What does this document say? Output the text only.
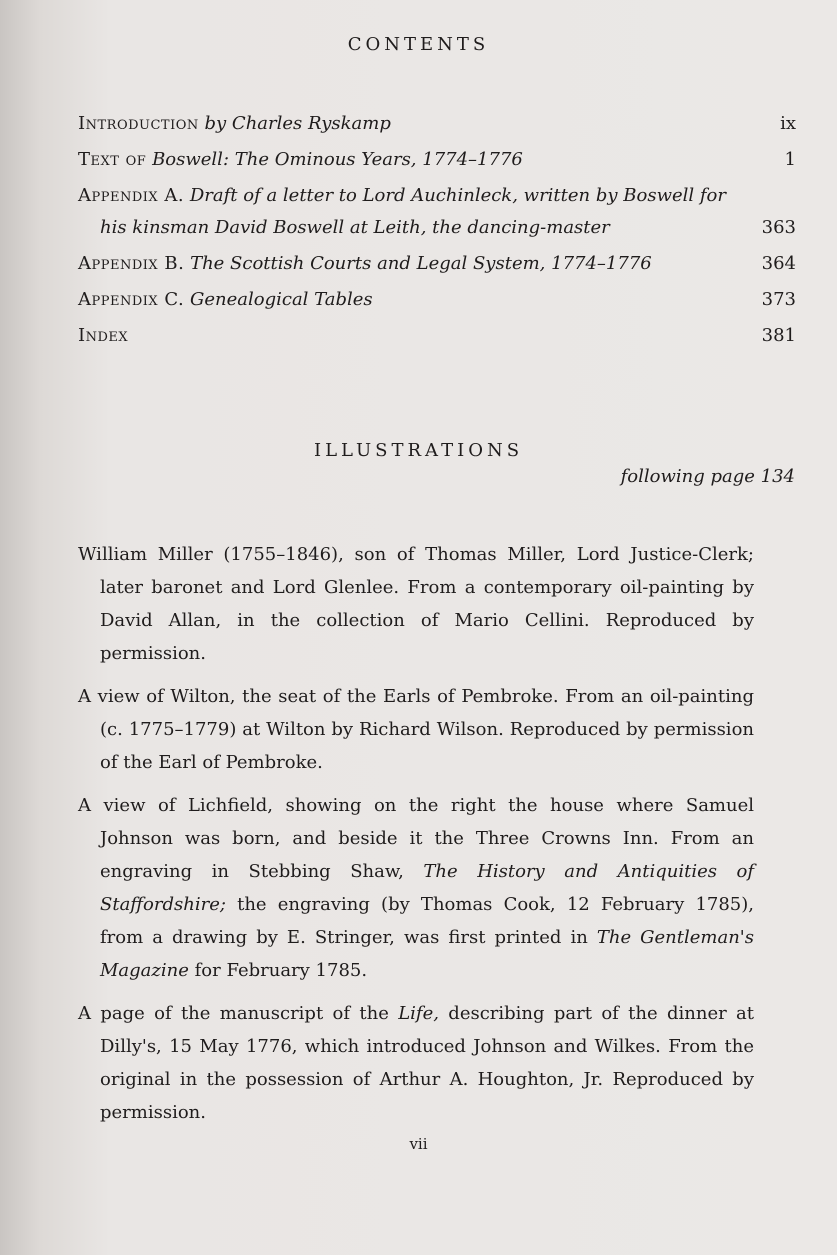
CONTENTS
Introduction by Charles Ryskamp	ix
Text of Boswell: The Ominous Years, 1774–1776	1
Appendix A. Draft of a letter to Lord Auchinleck, written by Boswell for
his kinsman David Boswell at Leith, the dancing-master	363
Appendix B. The Scottish Courts and Legal System, 1774–1776	364
Appendix C. Genealogical Tables	373
Index	381
ILLUSTRATIONS
following page 134
William Miller (1755–1846), son of Thomas Miller, Lord Justice-Clerk; later baronet and Lord Glenlee. From a contemporary oil-painting by David Allan, in the collection of Mario Cellini. Reproduced by permission.
A view of Wilton, the seat of the Earls of Pembroke. From an oil-painting (c. 1775–1779) at Wilton by Richard Wilson. Reproduced by permission of the Earl of Pembroke.
A view of Lichfield, showing on the right the house where Samuel Johnson was born, and beside it the Three Crowns Inn. From an engraving in Stebbing Shaw, The History and Antiquities of Staffordshire; the engraving (by Thomas Cook, 12 February 1785), from a drawing by E. Stringer, was first printed in The Gentleman's Magazine for February 1785.
A page of the manuscript of the Life, describing part of the dinner at Dilly's, 15 May 1776, which introduced Johnson and Wilkes. From the original in the possession of Arthur A. Houghton, Jr. Reproduced by permission.
vii
